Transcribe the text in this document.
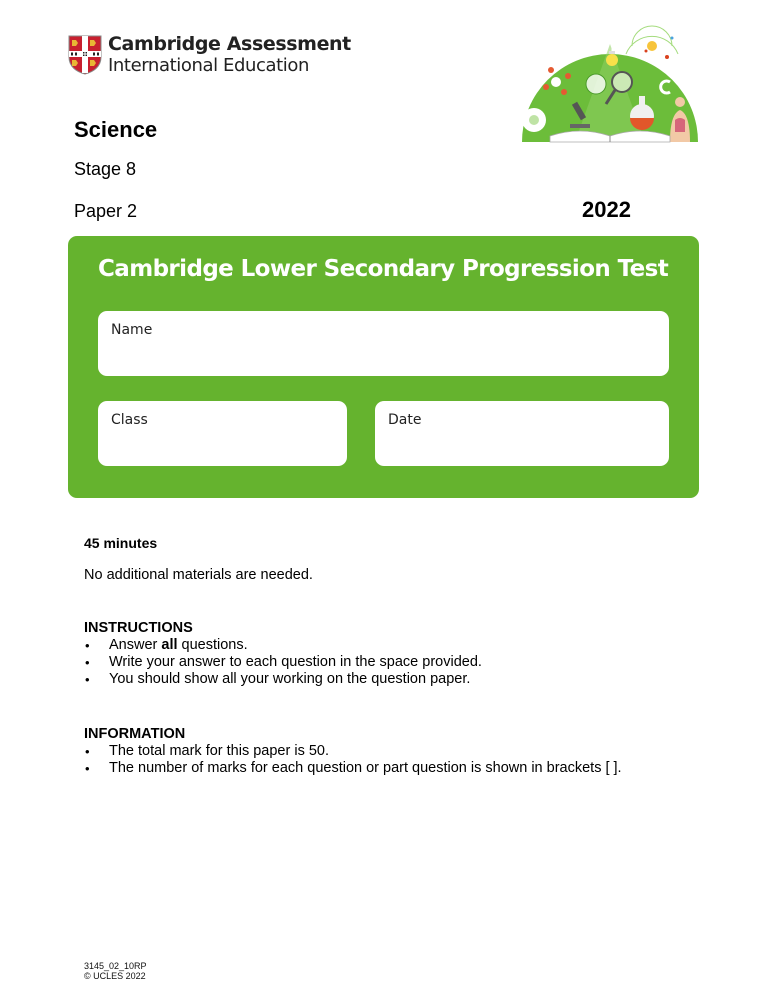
Cambridge Assessment
International Education
Science
Stage 8
Paper 2	2022
Cambridge Lower Secondary Progression Test
Name
Class	Date
45 minutes
No additional materials are needed.
INSTRUCTIONS
• Answer all questions.
• Write your answer to each question in the space provided.
• You should show all your working on the question paper.
INFORMATION
• The total mark for this paper is 50.
• The number of marks for each question or part question is shown in brackets [ ].
3145_02_10RP
© UCLES 2022
